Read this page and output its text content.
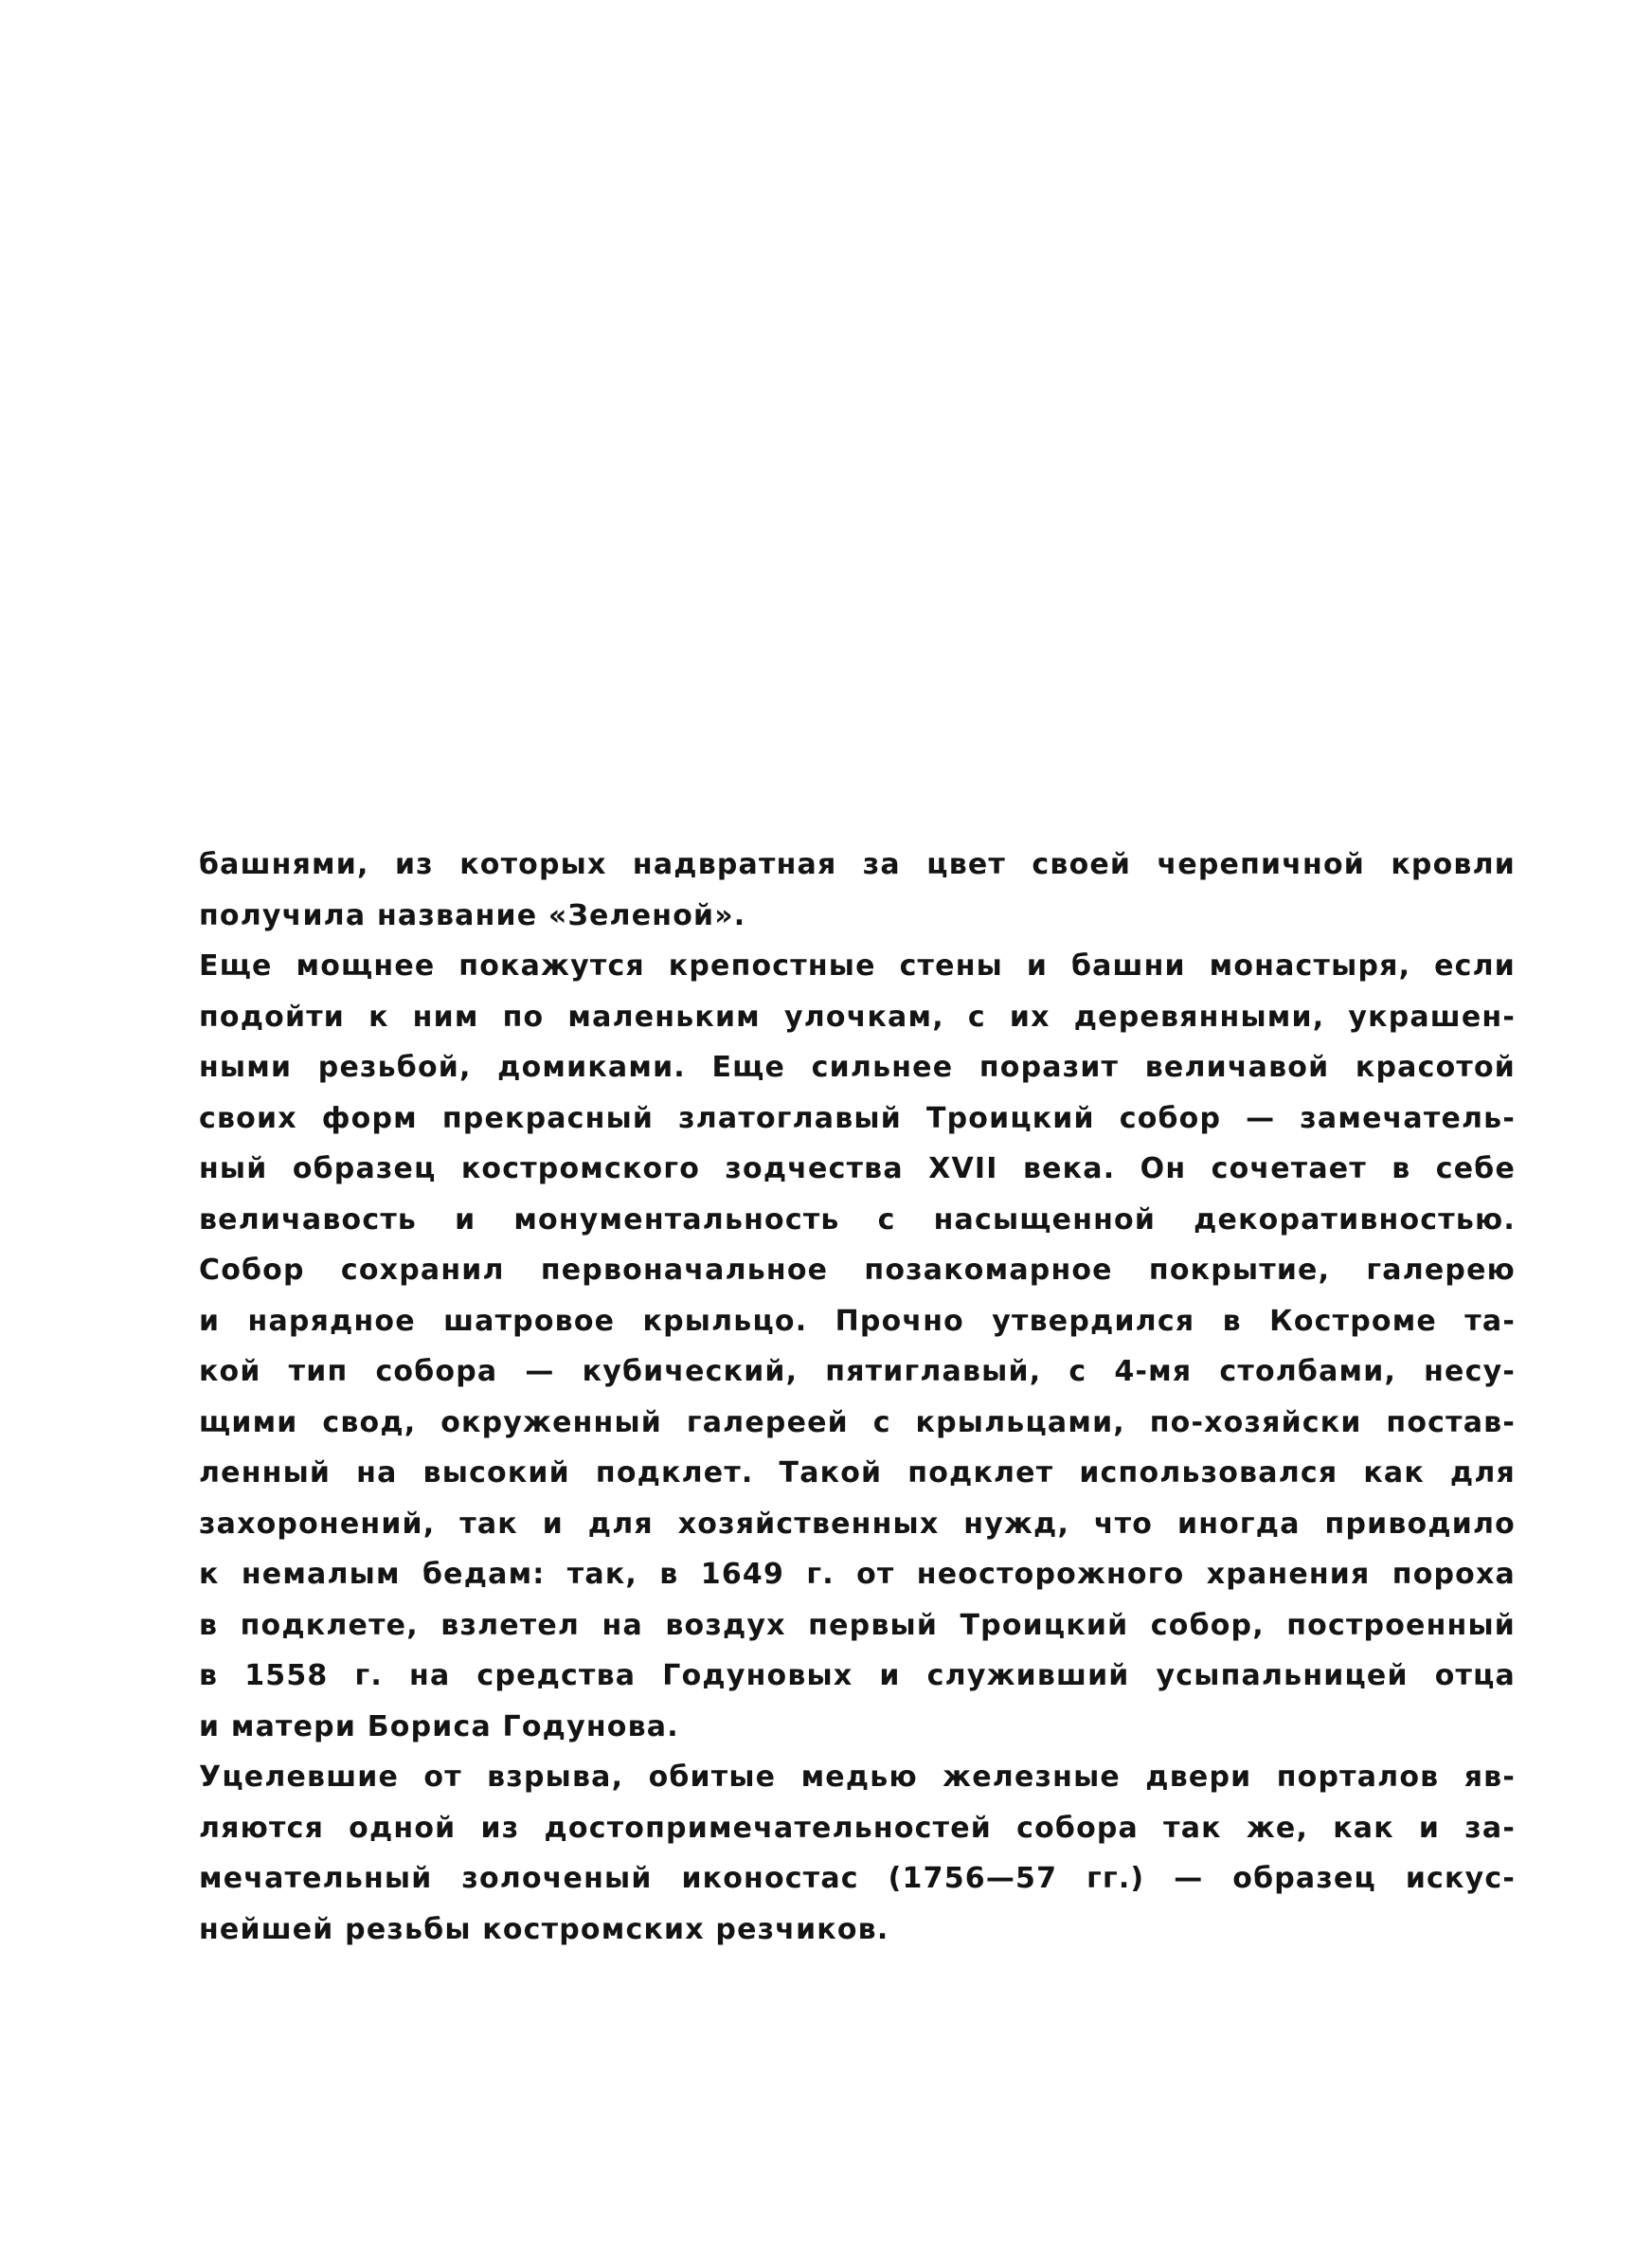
башнями, из которых надвратная за цвет своей черепичной кровли
получила название «Зеленой».
Еще мощнее покажутся крепостные стены и башни монастыря, если
подойти к ним по маленьким улочкам, с их деревянными, украшен-
ными резьбой, домиками. Еще сильнее поразит величавой красотой
своих форм прекрасный златоглавый Троицкий собор — замечатель-
ный образец костромского зодчества XVII века. Он сочетает в себе
величавость и монументальность с насыщенной декоративностью.
Собор сохранил первоначальное позакомарное покрытие, галерею
и нарядное шатровое крыльцо. Прочно утвердился в Костроме та-
кой тип собора — кубический, пятиглавый, с 4-мя столбами, несу-
щими свод, окруженный галереей с крыльцами, по-хозяйски постав-
ленный на высокий подклет. Такой подклет использовался как для
захоронений, так и для хозяйственных нужд, что иногда приводило
к немалым бедам: так, в 1649 г. от неосторожного хранения пороха
в подклете, взлетел на воздух первый Троицкий собор, построенный
в 1558 г. на средства Годуновых и служивший усыпальницей отца
и матери Бориса Годунова.
Уцелевшие от взрыва, обитые медью железные двери порталов яв-
ляются одной из достопримечательностей собора так же, как и за-
мечательный золоченый иконостас (1756—57 гг.) — образец искус-
нейшей резьбы костромских резчиков.
